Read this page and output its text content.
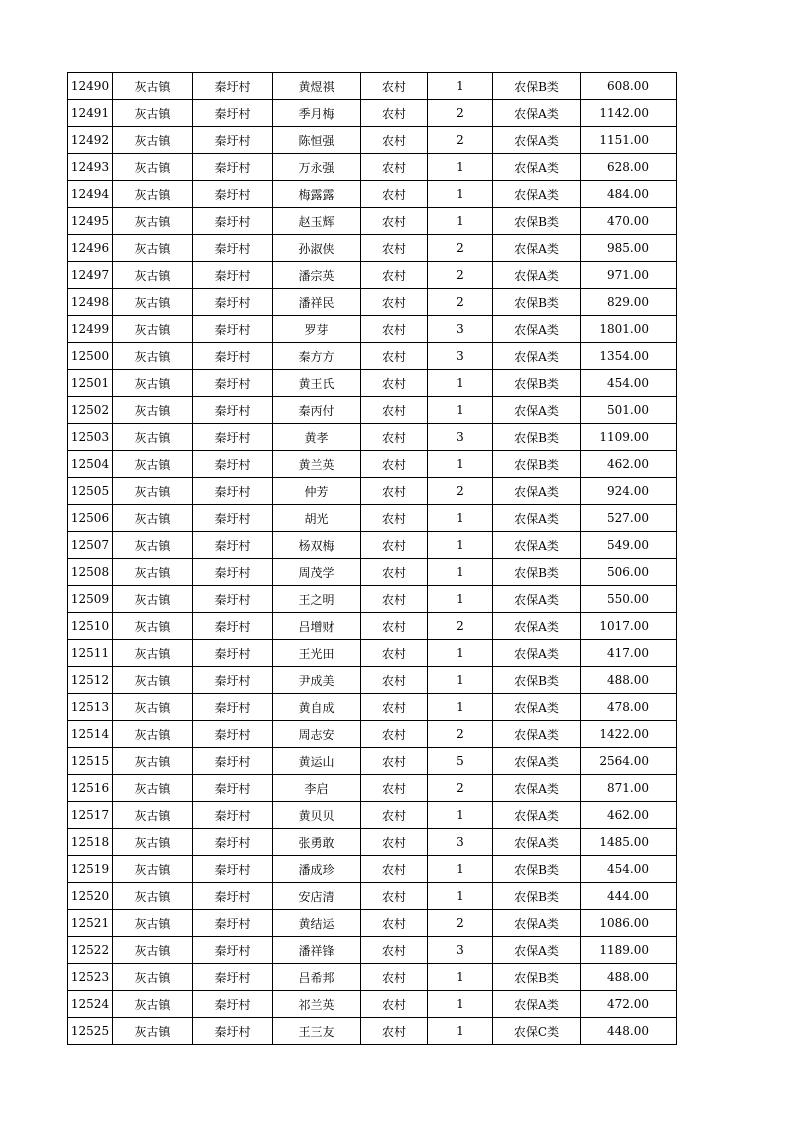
12490	灰古镇	秦圩村	黄煜祺	农村	1	农保B类	608.00
12491	灰古镇	秦圩村	季月梅	农村	2	农保A类	1142.00
12492	灰古镇	秦圩村	陈恒强	农村	2	农保A类	1151.00
12493	灰古镇	秦圩村	万永强	农村	1	农保A类	628.00
12494	灰古镇	秦圩村	梅露露	农村	1	农保A类	484.00
12495	灰古镇	秦圩村	赵玉辉	农村	1	农保B类	470.00
12496	灰古镇	秦圩村	孙淑侠	农村	2	农保A类	985.00
12497	灰古镇	秦圩村	潘宗英	农村	2	农保A类	971.00
12498	灰古镇	秦圩村	潘祥民	农村	2	农保B类	829.00
12499	灰古镇	秦圩村	罗芽	农村	3	农保A类	1801.00
12500	灰古镇	秦圩村	秦方方	农村	3	农保A类	1354.00
12501	灰古镇	秦圩村	黄王氏	农村	1	农保B类	454.00
12502	灰古镇	秦圩村	秦丙付	农村	1	农保A类	501.00
12503	灰古镇	秦圩村	黄孝	农村	3	农保B类	1109.00
12504	灰古镇	秦圩村	黄兰英	农村	1	农保B类	462.00
12505	灰古镇	秦圩村	仲芳	农村	2	农保A类	924.00
12506	灰古镇	秦圩村	胡光	农村	1	农保A类	527.00
12507	灰古镇	秦圩村	杨双梅	农村	1	农保A类	549.00
12508	灰古镇	秦圩村	周茂学	农村	1	农保B类	506.00
12509	灰古镇	秦圩村	王之明	农村	1	农保A类	550.00
12510	灰古镇	秦圩村	吕增财	农村	2	农保A类	1017.00
12511	灰古镇	秦圩村	王光田	农村	1	农保A类	417.00
12512	灰古镇	秦圩村	尹成美	农村	1	农保B类	488.00
12513	灰古镇	秦圩村	黄自成	农村	1	农保A类	478.00
12514	灰古镇	秦圩村	周志安	农村	2	农保A类	1422.00
12515	灰古镇	秦圩村	黄运山	农村	5	农保A类	2564.00
12516	灰古镇	秦圩村	李启	农村	2	农保A类	871.00
12517	灰古镇	秦圩村	黄贝贝	农村	1	农保A类	462.00
12518	灰古镇	秦圩村	张勇敢	农村	3	农保A类	1485.00
12519	灰古镇	秦圩村	潘成珍	农村	1	农保B类	454.00
12520	灰古镇	秦圩村	安店清	农村	1	农保B类	444.00
12521	灰古镇	秦圩村	黄结运	农村	2	农保A类	1086.00
12522	灰古镇	秦圩村	潘祥锋	农村	3	农保A类	1189.00
12523	灰古镇	秦圩村	吕希邦	农村	1	农保B类	488.00
12524	灰古镇	秦圩村	祁兰英	农村	1	农保A类	472.00
12525	灰古镇	秦圩村	王三友	农村	1	农保C类	448.00
